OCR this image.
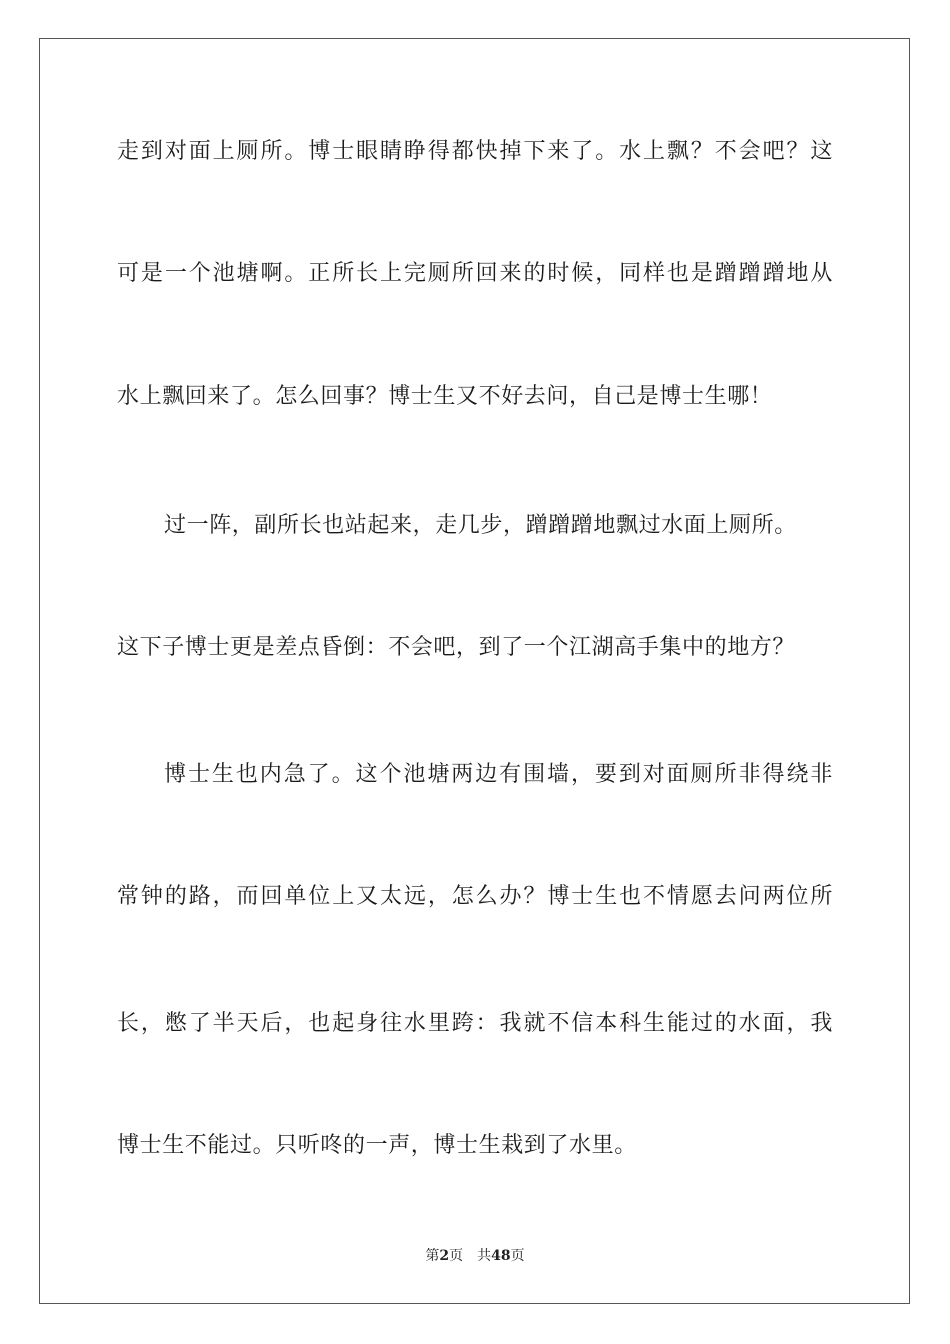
走到对面上厕所。博士眼睛睁得都快掉下来了。水上飘？不会吧？这
可是一个池塘啊。正所长上完厕所回来的时候，同样也是蹭蹭蹭地从
水上飘回来了。怎么回事？博士生又不好去问，自己是博士生哪！
过一阵，副所长也站起来，走几步，蹭蹭蹭地飘过水面上厕所。
这下子博士更是差点昏倒：不会吧，到了一个江湖高手集中的地方？
博士生也内急了。这个池塘两边有围墙，要到对面厕所非得绕非
常钟的路，而回单位上又太远，怎么办？博士生也不情愿去问两位所
长，憋了半天后，也起身往水里跨：我就不信本科生能过的水面，我
博士生不能过。只听咚的一声，博士生栽到了水里。
第2页 共48页
